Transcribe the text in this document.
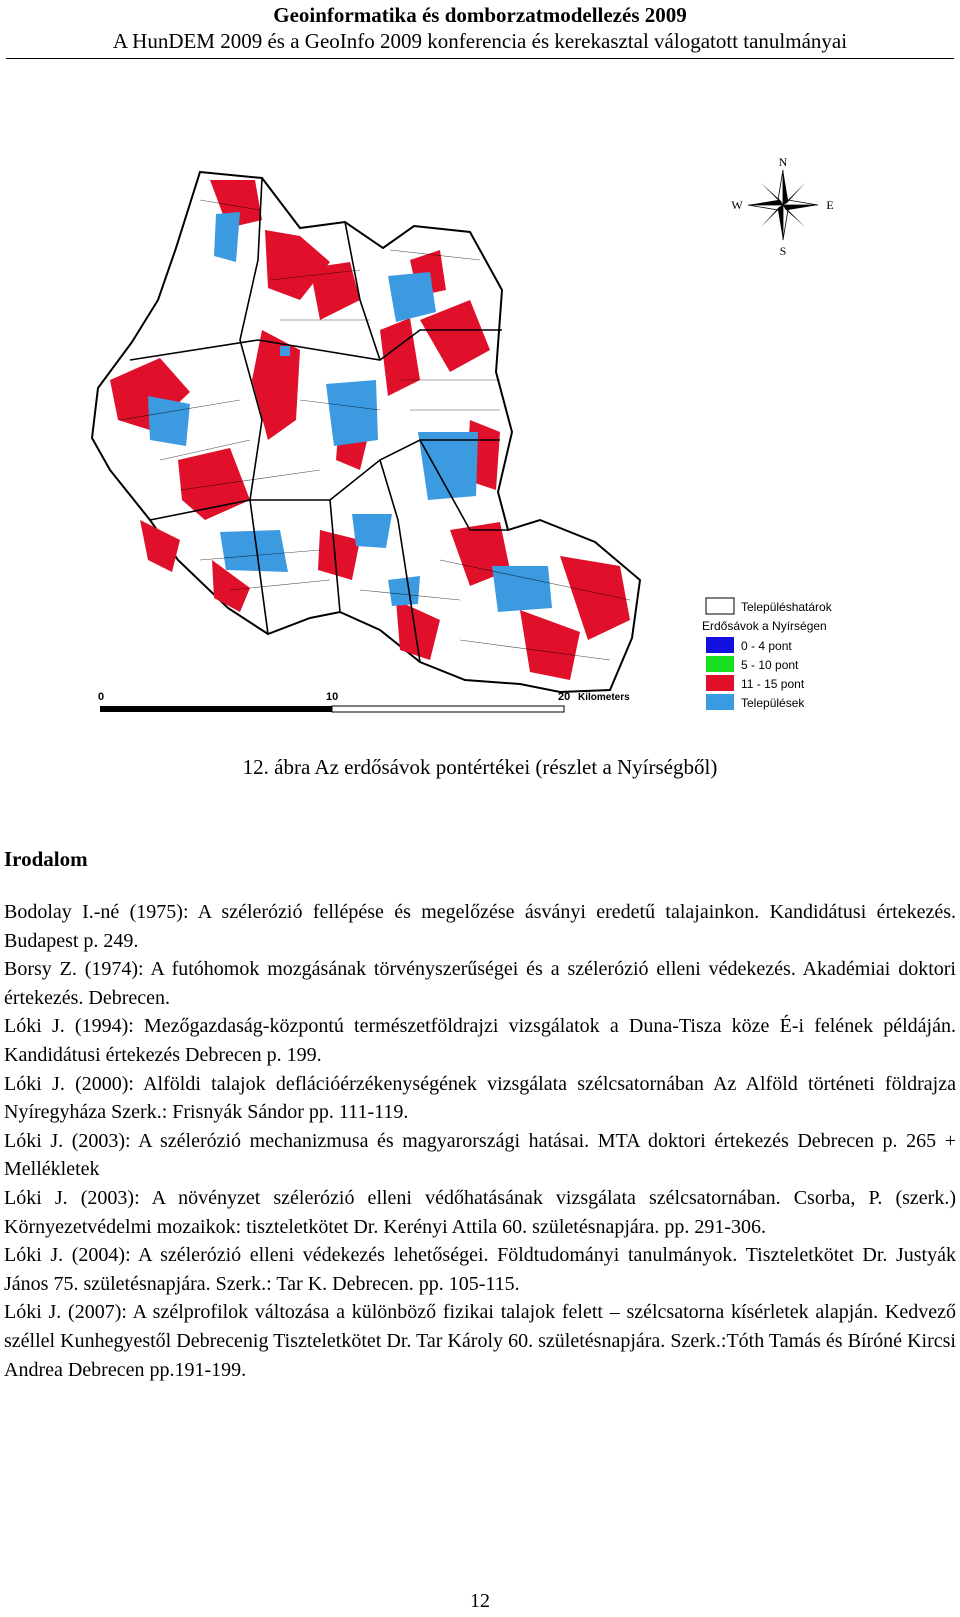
Geoinformatika és domborzatmodellezés 2009
A HunDEM 2009 és a GeoInfo 2009 konferencia és kerekasztal válogatott tanulmányai
N
S
E
W
0	10	20 Kilometers
Településhatárok
Erdősávok a Nyírségen
0 - 4 pont
5 - 10 pont
11 - 15 pont
Települések
12. ábra Az erdősávok pontértékei (részlet a Nyírségből)
Irodalom
Bodolay I.-né (1975): A szélerózió fellépése és megelőzése ásványi eredetű talajainkon. Kandidátusi értekezés. Budapest p. 249.
Borsy Z. (1974): A futóhomok mozgásának törvényszerűségei és a szélerózió elleni védekezés. Akadémiai doktori értekezés. Debrecen.
Lóki J. (1994): Mezőgazdaság-központú természetföldrajzi vizsgálatok a Duna-Tisza köze É-i felének példáján. Kandidátusi értekezés Debrecen p. 199.
Lóki J. (2000): Alföldi talajok deflációérzékenységének vizsgálata szélcsatornában Az Alföld történeti földrajza Nyíregyháza Szerk.: Frisnyák Sándor pp. 111-119.
Lóki J. (2003): A szélerózió mechanizmusa és magyarországi hatásai. MTA doktori értekezés Debrecen p. 265 + Mellékletek
Lóki J. (2003): A növényzet szélerózió elleni védőhatásának vizsgálata szélcsatornában. Csorba, P. (szerk.) Környezetvédelmi mozaikok: tiszteletkötet Dr. Kerényi Attila 60. születésnapjára. pp. 291-306.
Lóki J. (2004): A szélerózió elleni védekezés lehetőségei. Földtudományi tanulmányok. Tiszteletkötet Dr. Justyák János 75. születésnapjára. Szerk.: Tar K. Debrecen. pp. 105-115.
Lóki J. (2007): A szélprofilok változása a különböző fizikai talajok felett – szélcsatorna kísérletek alapján. Kedvező széllel Kunhegyestől Debrecenig Tiszteletkötet Dr. Tar Károly 60. születésnapjára. Szerk.:Tóth Tamás és Bíróné Kircsi Andrea Debrecen pp.191-199.
12
